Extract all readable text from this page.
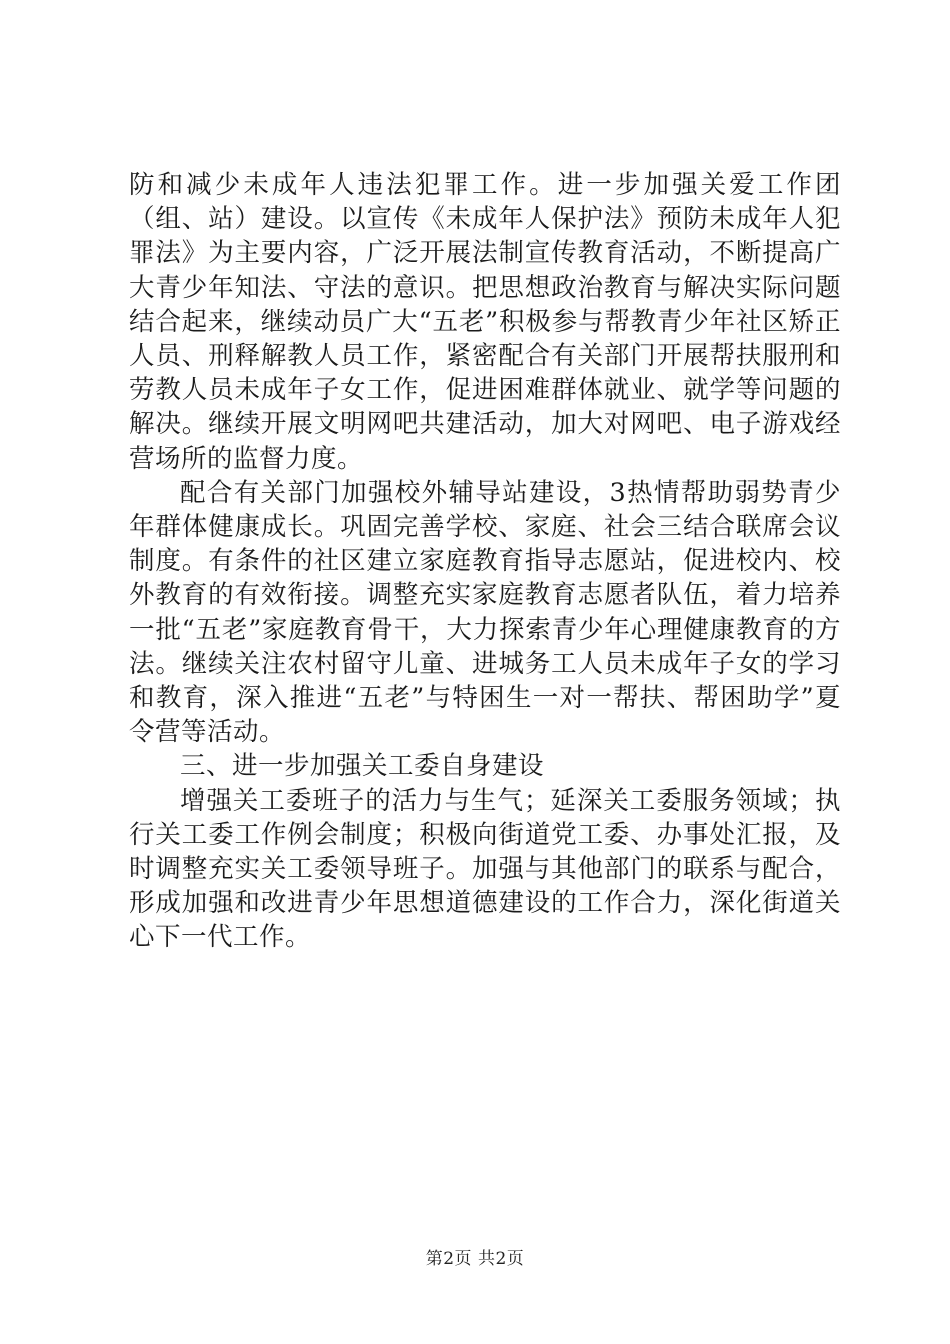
防和减少未成年人违法犯罪工作。进一步加强关爱工作团（组、站）建设。以宣传《未成年人保护法》预防未成年人犯罪法》为主要内容，广泛开展法制宣传教育活动，不断提高广大青少年知法、守法的意识。把思想政治教育与解决实际问题结合起来，继续动员广大“五老”积极参与帮教青少年社区矫正人员、刑释解教人员工作，紧密配合有关部门开展帮扶服刑和劳教人员未成年子女工作，促进困难群体就业、就学等问题的解决。继续开展文明网吧共建活动，加大对网吧、电子游戏经营场所的监督力度。

配合有关部门加强校外辅导站建设，3热情帮助弱势青少年群体健康成长。巩固完善学校、家庭、社会三结合联席会议制度。有条件的社区建立家庭教育指导志愿站，促进校内、校外教育的有效衔接。调整充实家庭教育志愿者队伍，着力培养一批“五老”家庭教育骨干，大力探索青少年心理健康教育的方法。继续关注农村留守儿童、进城务工人员未成年子女的学习和教育，深入推进“五老”与特困生一对一帮扶、帮困助学”夏令营等活动。

三、进一步加强关工委自身建设

增强关工委班子的活力与生气；延深关工委服务领域；执行关工委工作例会制度；积极向街道党工委、办事处汇报，及时调整充实关工委领导班子。加强与其他部门的联系与配合，形成加强和改进青少年思想道德建设的工作合力，深化街道关心下一代工作。

第2页 共2页
